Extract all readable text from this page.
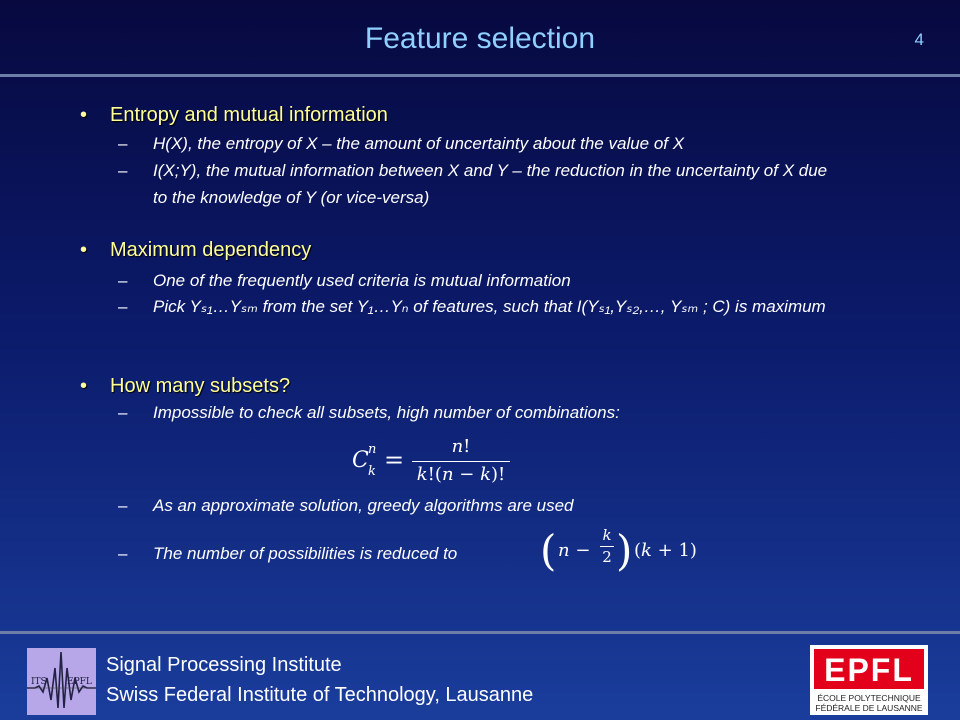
Feature selection	4
• Entropy and mutual information
–	H(X), the entropy of X – the amount of uncertainty about the value of X
–	I(X;Y), the mutual information between X and Y – the reduction in the uncertainty of X due to the knowledge of Y (or vice-versa)
• Maximum dependency
–	One of the frequently used criteria is mutual information
–	Pick Yₛ₁…Yₛₘ from the set Y₁…Yₙ of features, such that I(Yₛ₁,Yₛ₂,…, Yₛₘ ; C) is maximum
• How many subsets?
–	Impossible to check all subsets, high number of combinations:
C n
k =	n!
k!(n − k)!
–	As an approximate solution, greedy algorithms are used
–	The number of possibilities is reduced to	( n −
k
2 ) (k + 1)
ITS EPFL
Signal Processing Institute
Swiss Federal Institute of Technology, Lausanne
EPFL
ÉCOLE POLYTECHNIQUE
FÉDÉRALE DE LAUSANNE
